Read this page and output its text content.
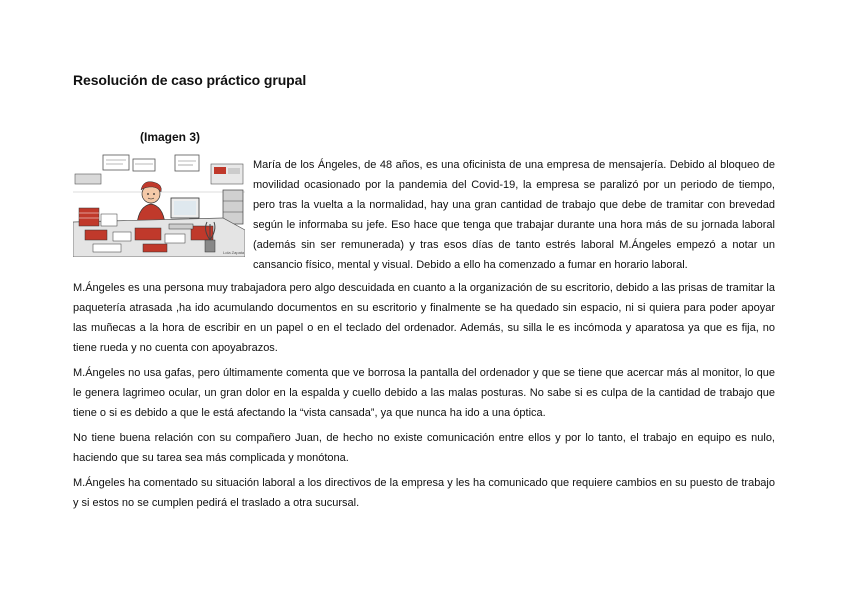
Resolución de caso práctico grupal
(Imagen 3)
Lola Zapata

María de los Ángeles, de 48 años, es una oficinista de una empresa de mensajería. Debido al bloqueo de movilidad ocasionado por la pandemia del Covid-19, la empresa se paralizó por un periodo de tiempo, pero tras la vuelta a la normalidad, hay una gran cantidad de trabajo que debe de tramitar con brevedad según le informaba su jefe. Eso hace que tenga que trabajar durante una hora más de su jornada laboral (además sin ser remunerada) y tras esos días de tanto estrés laboral M.Ángeles empezó a notar un cansancio físico, mental y visual. Debido a ello ha comenzado a fumar en horario laboral.

M.Ángeles es una persona muy trabajadora pero algo descuidada en cuanto a la organización de su escritorio, debido a las prisas de tramitar la paquetería atrasada ,ha ido acumulando documentos en su escritorio y finalmente se ha quedado sin espacio, ni si quiera para poder apoyar las muñecas a la hora de escribir en un papel o en el teclado del ordenador. Además, su silla le es incómoda y aparatosa ya que es fija, no tiene rueda y no cuenta con apoyabrazos.

M.Ángeles no usa gafas, pero últimamente comenta que ve borrosa la pantalla del ordenador y que se tiene que acercar más al monitor, lo que le genera lagrimeo ocular, un gran dolor en la espalda y cuello debido a las malas posturas. No sabe si es culpa de la cantidad de trabajo que tiene o si es debido a que le está afectando la “vista cansada”, ya que nunca ha ido a una óptica.

No tiene buena relación con su compañero Juan, de hecho no existe comunicación entre ellos y por lo tanto, el trabajo en equipo es nulo, haciendo que su tarea sea más complicada y monótona.

M.Ángeles ha comentado su situación laboral a los directivos de la empresa y les ha comunicado que requiere cambios en su puesto de trabajo y si estos no se cumplen pedirá el traslado a otra sucursal.
